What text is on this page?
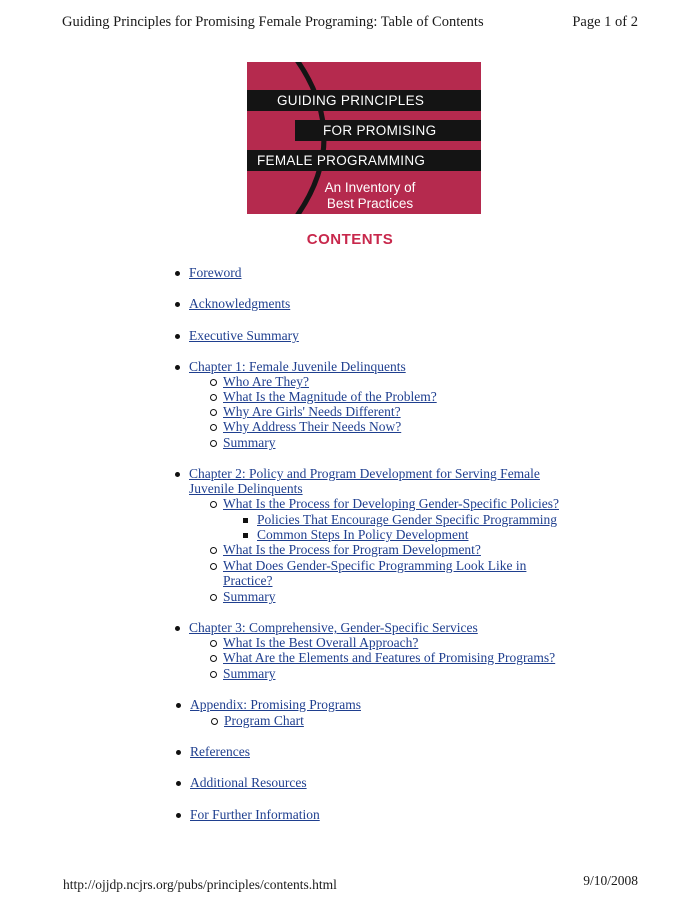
Guiding Principles for Promising Female Programing: Table of Contents	Page 1 of 2
GUIDING PRINCIPLES
FOR PROMISING
FEMALE PROGRAMMING
An Inventory of
Best Practices
CONTENTS
Foreword
Acknowledgments
Executive Summary
Chapter 1: Female Juvenile Delinquents
Who Are They?
What Is the Magnitude of the Problem?
Why Are Girls' Needs Different?
Why Address Their Needs Now?
Summary
Chapter 2: Policy and Program Development for Serving Female
Juvenile Delinquents
What Is the Process for Developing Gender-Specific Policies?
Policies That Encourage Gender Specific Programming
Common Steps In Policy Development
What Is the Process for Program Development?
What Does Gender-Specific Programming Look Like in
Practice?
Summary
Chapter 3: Comprehensive, Gender-Specific Services
What Is the Best Overall Approach?
What Are the Elements and Features of Promising Programs?
Summary
Appendix: Promising Programs
Program Chart
References
Additional Resources
For Further Information
http://ojjdp.ncjrs.org/pubs/principles/contents.html	9/10/2008
